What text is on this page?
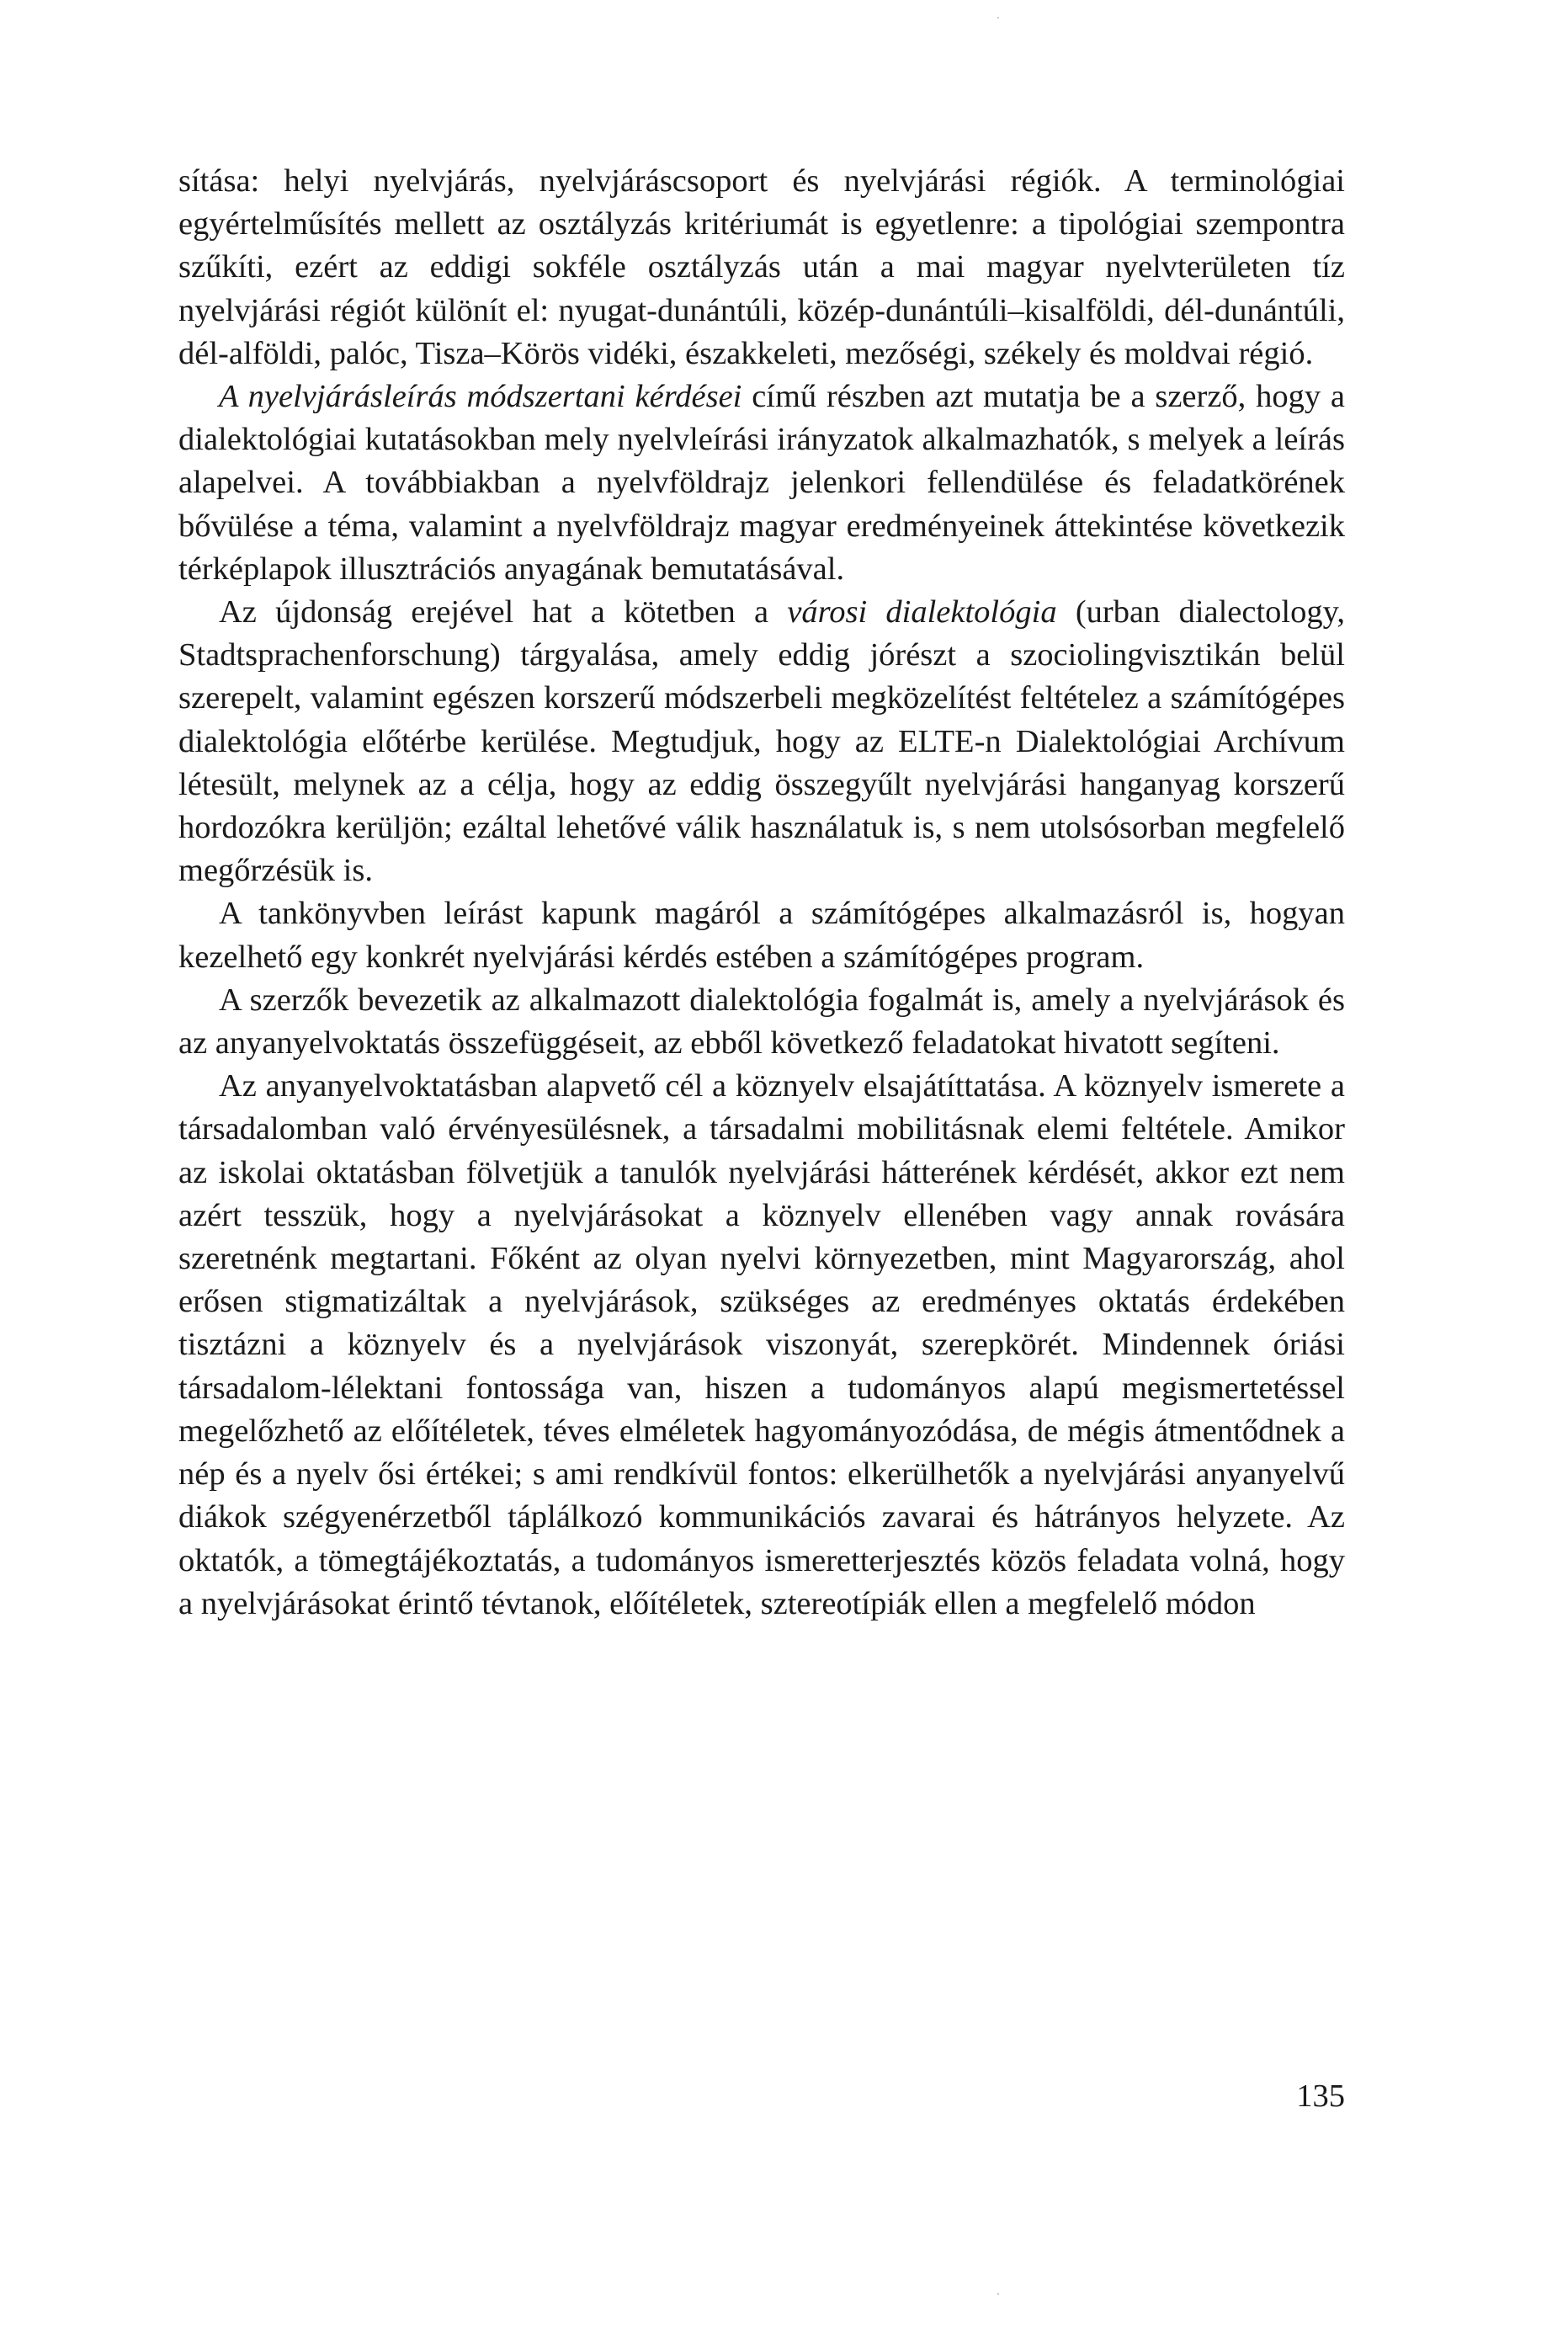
sítása: helyi nyelvjárás, nyelvjáráscsoport és nyelvjárási régiók. A terminológiai egyértelműsítés mellett az osztályzás kritériumát is egyetlenre: a tipológiai szempontra szűkíti, ezért az eddigi sokféle osztályzás után a mai magyar nyelvterületen tíz nyelvjárási régiót különít el: nyugat-dunántúli, közép-dunántúli–kisalföldi, dél-dunántúli, dél-alföldi, palóc, Tisza–Körös vidéki, északkeleti, mezőségi, székely és moldvai régió.

A nyelvjárásleírás módszertani kérdései című részben azt mutatja be a szerző, hogy a dialektológiai kutatásokban mely nyelvleírási irányzatok alkalmazhatók, s melyek a leírás alapelvei. A továbbiakban a nyelvföldrajz jelenkori fellendülése és feladatkörének bővülése a téma, valamint a nyelvföldrajz magyar eredményeinek áttekintése következik térképlapok illusztrációs anyagának bemutatásával.

Az újdonság erejével hat a kötetben a városi dialektológia (urban dialectology, Stadtsprachenforschung) tárgyalása, amely eddig jórészt a szociolingvisztikán belül szerepelt, valamint egészen korszerű módszerbeli megközelítést feltételez a számítógépes dialektológia előtérbe kerülése. Megtudjuk, hogy az ELTE-n Dialektológiai Archívum létesült, melynek az a célja, hogy az eddig összegyűlt nyelvjárási hanganyag korszerű hordozókra kerüljön; ezáltal lehetővé válik használatuk is, s nem utolsósorban megfelelő megőrzésük is.

A tankönyvben leírást kapunk magáról a számítógépes alkalmazásról is, hogyan kezelhető egy konkrét nyelvjárási kérdés estében a számítógépes program.

A szerzők bevezetik az alkalmazott dialektológia fogalmát is, amely a nyelvjárások és az anyanyelvoktatás összefüggéseit, az ebből következő feladatokat hivatott segíteni.

Az anyanyelvoktatásban alapvető cél a köznyelv elsajátíttatása. A köznyelv ismerete a társadalomban való érvényesülésnek, a társadalmi mobilitásnak elemi feltétele. Amikor az iskolai oktatásban fölvetjük a tanulók nyelvjárási hátterének kérdését, akkor ezt nem azért tesszük, hogy a nyelvjárásokat a köznyelv ellenében vagy annak rovására szeretnénk megtartani. Főként az olyan nyelvi környezetben, mint Magyarország, ahol erősen stigmatizáltak a nyelvjárások, szükséges az eredményes oktatás érdekében tisztázni a köznyelv és a nyelvjárások viszonyát, szerepkörét. Mindennek óriási társadalom-lélektani fontossága van, hiszen a tudományos alapú megismertetéssel megelőzhető az előítéletek, téves elméletek hagyományozódása, de mégis átmentődnek a nép és a nyelv ősi értékei; s ami rendkívül fontos: elkerülhetők a nyelvjárási anyanyelvű diákok szégyenérzetből táplálkozó kommunikációs zavarai és hátrányos helyzete. Az oktatók, a tömegtájékoztatás, a tudományos ismeretterjesztés közös feladata volná, hogy a nyelvjárásokat érintő tévtanok, előítéletek, sztereotípiák ellen a megfelelő módon

135
